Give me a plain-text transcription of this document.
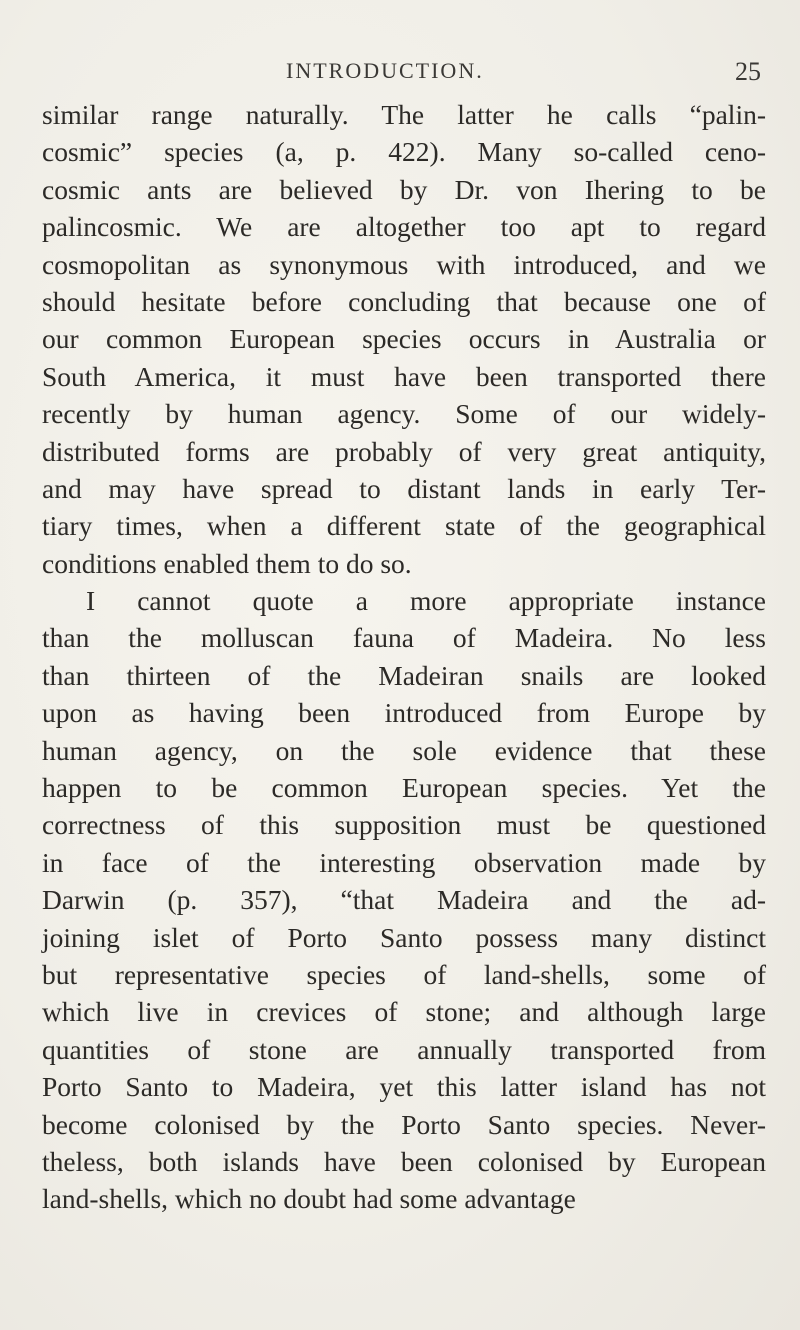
INTRODUCTION.	25
similar range naturally. The latter he calls “palin-
cosmic” species (a, p. 422). Many so-called ceno-
cosmic ants are believed by Dr. von Ihering to be
palincosmic. We are altogether too apt to regard
cosmopolitan as synonymous with introduced, and we
should hesitate before concluding that because one of
our common European species occurs in Australia or
South America, it must have been transported there
recently by human agency. Some of our widely-
distributed forms are probably of very great antiquity,
and may have spread to distant lands in early Ter-
tiary times, when a different state of the geographical
conditions enabled them to do so.
I cannot quote a more appropriate instance
than the molluscan fauna of Madeira. No less
than thirteen of the Madeiran snails are looked
upon as having been introduced from Europe by
human agency, on the sole evidence that these
happen to be common European species. Yet the
correctness of this supposition must be questioned
in face of the interesting observation made by
Darwin (p. 357), “that Madeira and the ad-
joining islet of Porto Santo possess many distinct
but representative species of land-shells, some of
which live in crevices of stone; and although large
quantities of stone are annually transported from
Porto Santo to Madeira, yet this latter island has not
become colonised by the Porto Santo species. Never-
theless, both islands have been colonised by European
land-shells, which no doubt had some advantage
